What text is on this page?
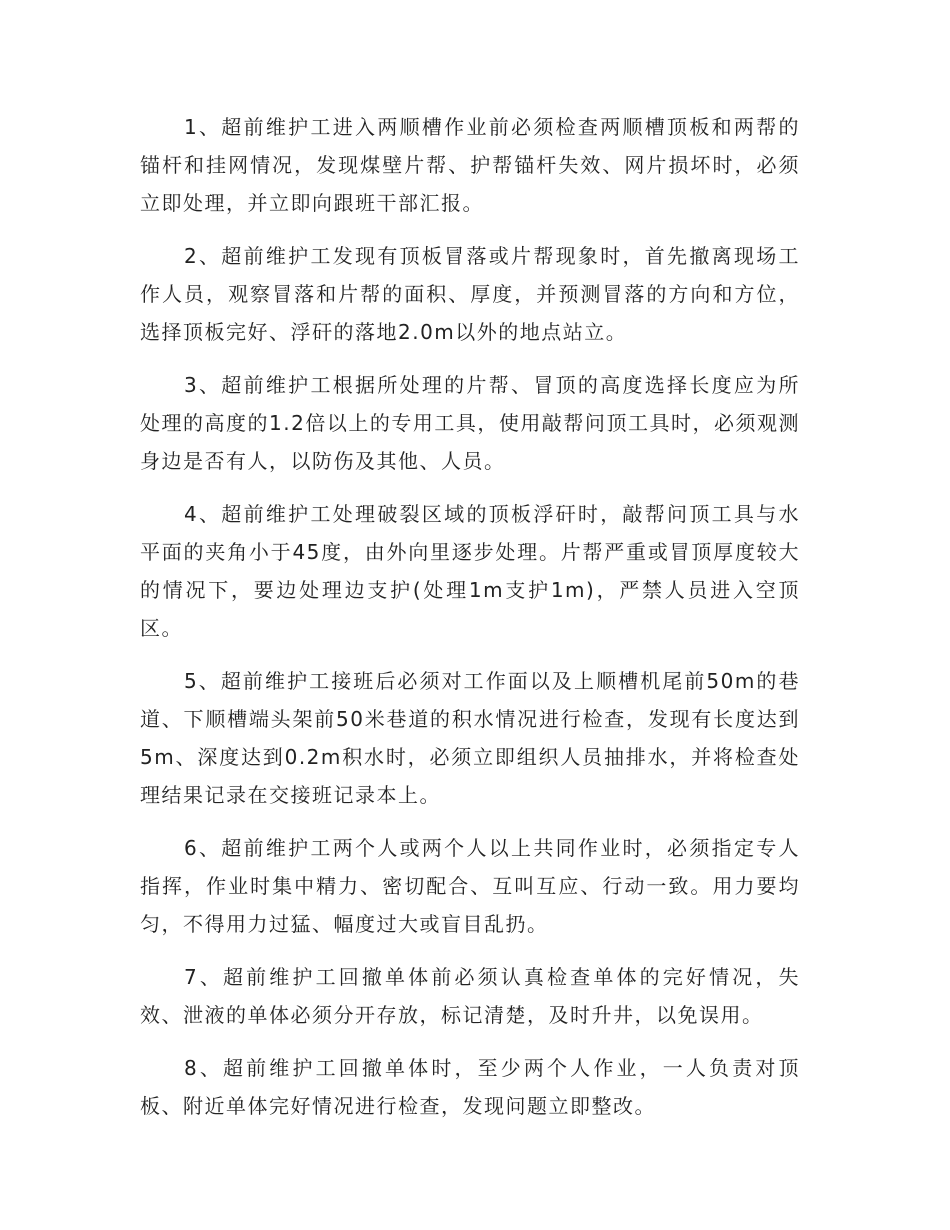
1、超前维护工进入两顺槽作业前必须检查两顺槽顶板和两帮的锚杆和挂网情况，发现煤壁片帮、护帮锚杆失效、网片损坏时，必须立即处理，并立即向跟班干部汇报。

2、超前维护工发现有顶板冒落或片帮现象时，首先撤离现场工作人员，观察冒落和片帮的面积、厚度，并预测冒落的方向和方位，选择顶板完好、浮矸的落地2.0m以外的地点站立。

3、超前维护工根据所处理的片帮、冒顶的高度选择长度应为所处理的高度的1.2倍以上的专用工具，使用敲帮问顶工具时，必须观测身边是否有人，以防伤及其他、人员。

4、超前维护工处理破裂区域的顶板浮矸时，敲帮问顶工具与水平面的夹角小于45度，由外向里逐步处理。片帮严重或冒顶厚度较大的情况下，要边处理边支护(处理1m支护1m)，严禁人员进入空顶区。

5、超前维护工接班后必须对工作面以及上顺槽机尾前50m的巷道、下顺槽端头架前50米巷道的积水情况进行检查，发现有长度达到5m、深度达到0.2m积水时，必须立即组织人员抽排水，并将检查处理结果记录在交接班记录本上。

6、超前维护工两个人或两个人以上共同作业时，必须指定专人指挥，作业时集中精力、密切配合、互叫互应、行动一致。用力要均匀，不得用力过猛、幅度过大或盲目乱扔。

7、超前维护工回撤单体前必须认真检查单体的完好情况，失效、泄液的单体必须分开存放，标记清楚，及时升井，以免误用。

8、超前维护工回撤单体时，至少两个人作业，一人负责对顶板、附近单体完好情况进行检查，发现问题立即整改。
